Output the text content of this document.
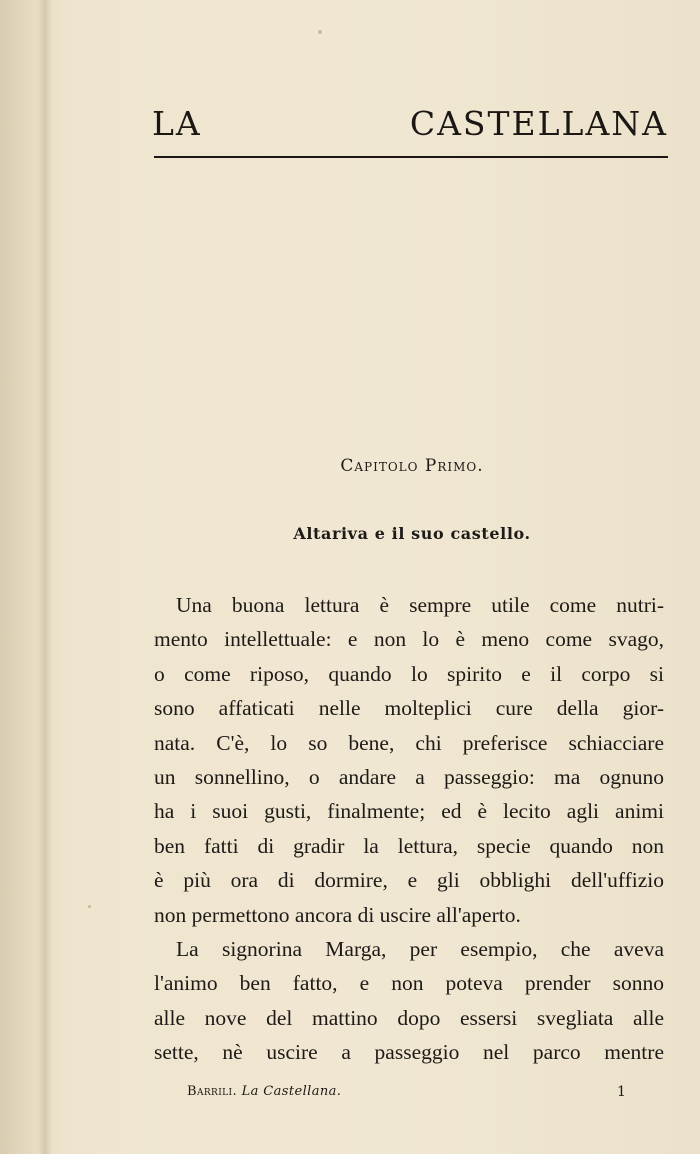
LA CASTELLANA
Capitolo Primo.
Altariva e il suo castello.
Una buona lettura è sempre utile come nutri-
mento intellettuale: e non lo è meno come svago,
o come riposo, quando lo spirito e il corpo si
sono affaticati nelle molteplici cure della gior-
nata. C'è, lo so bene, chi preferisce schiacciare
un sonnellino, o andare a passeggio: ma ognuno
ha i suoi gusti, finalmente; ed è lecito agli animi
ben fatti di gradir la lettura, specie quando non
è più ora di dormire, e gli obblighi dell'uffizio
non permettono ancora di uscire all'aperto.
La signorina Marga, per esempio, che aveva
l'animo ben fatto, e non poteva prender sonno
alle nove del mattino dopo essersi svegliata alle
sette, nè uscire a passeggio nel parco mentre
Barrili. La Castellana.	1
